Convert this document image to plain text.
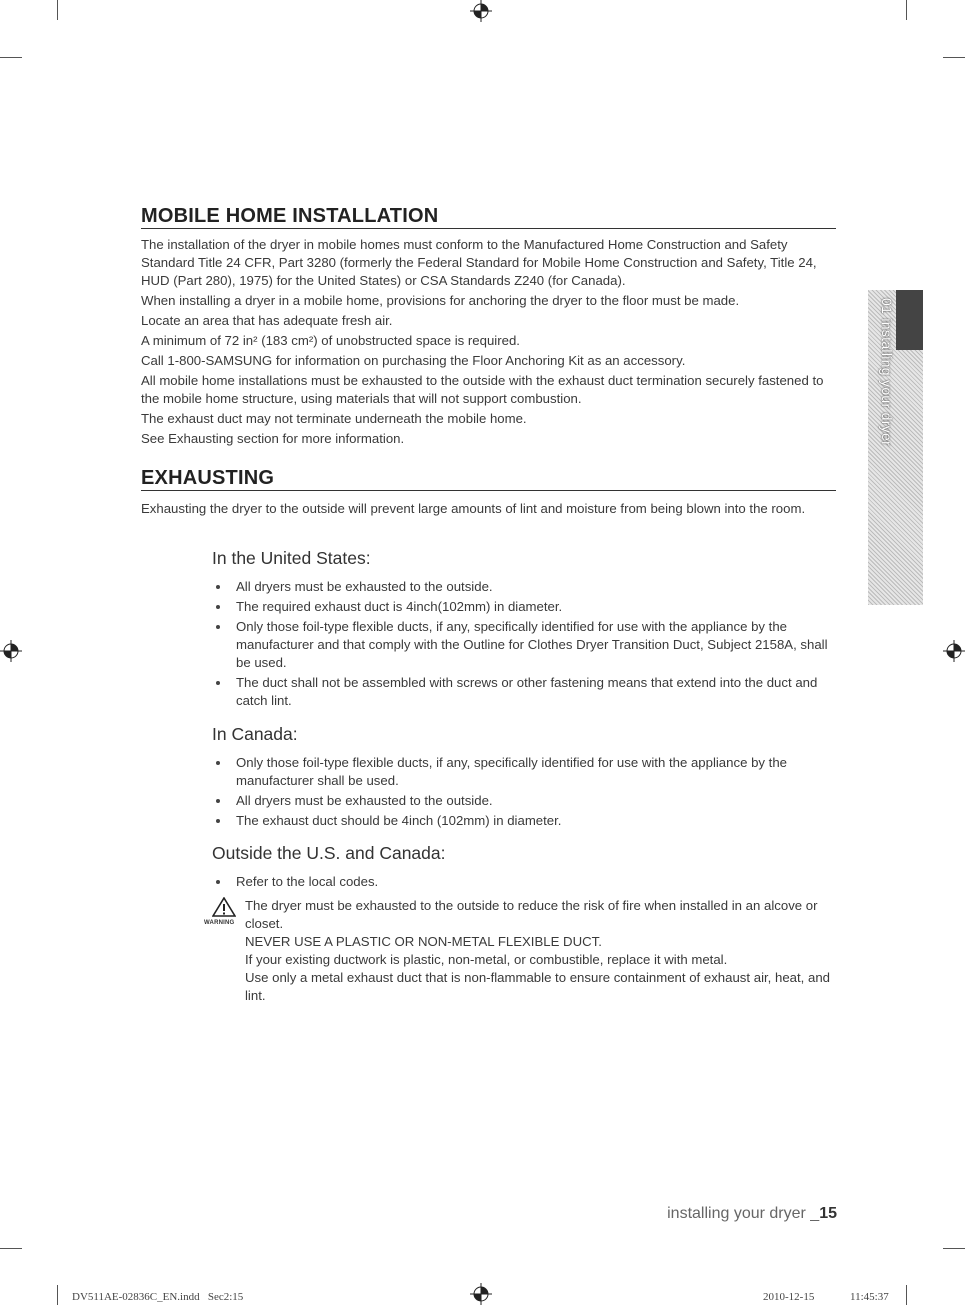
MOBILE HOME INSTALLATION

The installation of the dryer in mobile homes must conform to the Manufactured Home Construction and Safety Standard Title 24 CFR, Part 3280 (formerly the Federal Standard for Mobile Home Construction and Safety, Title 24, HUD (Part 280), 1975) for the United States) or CSA Standards Z240 (for Canada).

When installing a dryer in a mobile home, provisions for anchoring the dryer to the floor must be made.

Locate an area that has adequate fresh air.

A minimum of 72 in² (183 cm²) of unobstructed space is required.

Call 1-800-SAMSUNG for information on purchasing the Floor Anchoring Kit as an accessory.

All mobile home installations must be exhausted to the outside with the exhaust duct termination securely fastened to the mobile home structure, using materials that will not support combustion.

The exhaust duct may not terminate underneath the mobile home.

See Exhausting section for more information.

EXHAUSTING

Exhausting the dryer to the outside will prevent large amounts of lint and moisture from being blown into the room.

In the United States:
All dryers must be exhausted to the outside.
The required exhaust duct is 4inch(102mm) in diameter.
Only those foil-type flexible ducts, if any, specifically identified for use with the appliance by the manufacturer and that comply with the Outline for Clothes Dryer Transition Duct, Subject 2158A, shall be used.
The duct shall not be assembled with screws or other fastening means that extend into the duct and catch lint.
In Canada:
Only those foil-type flexible ducts, if any, specifically identified for use with the appliance by the manufacturer shall be used.
All dryers must be exhausted to the outside.
The exhaust duct should be 4inch (102mm) in diameter.
Outside the U.S. and Canada:
Refer to the local codes.
WARNING
The dryer must be exhausted to the outside to reduce the risk of fire when installed in an alcove or closet.
NEVER USE A PLASTIC OR NON-METAL FLEXIBLE DUCT.
If your existing ductwork is plastic, non-metal, or combustible, replace it with metal.
Use only a metal exhaust duct that is non-flammable to ensure containment of exhaust air, heat, and lint.
01 installing your dryer
installing your dryer _15
DV511AE-02836C_EN.indd   Sec2:15	2010-12-15	11:45:37
